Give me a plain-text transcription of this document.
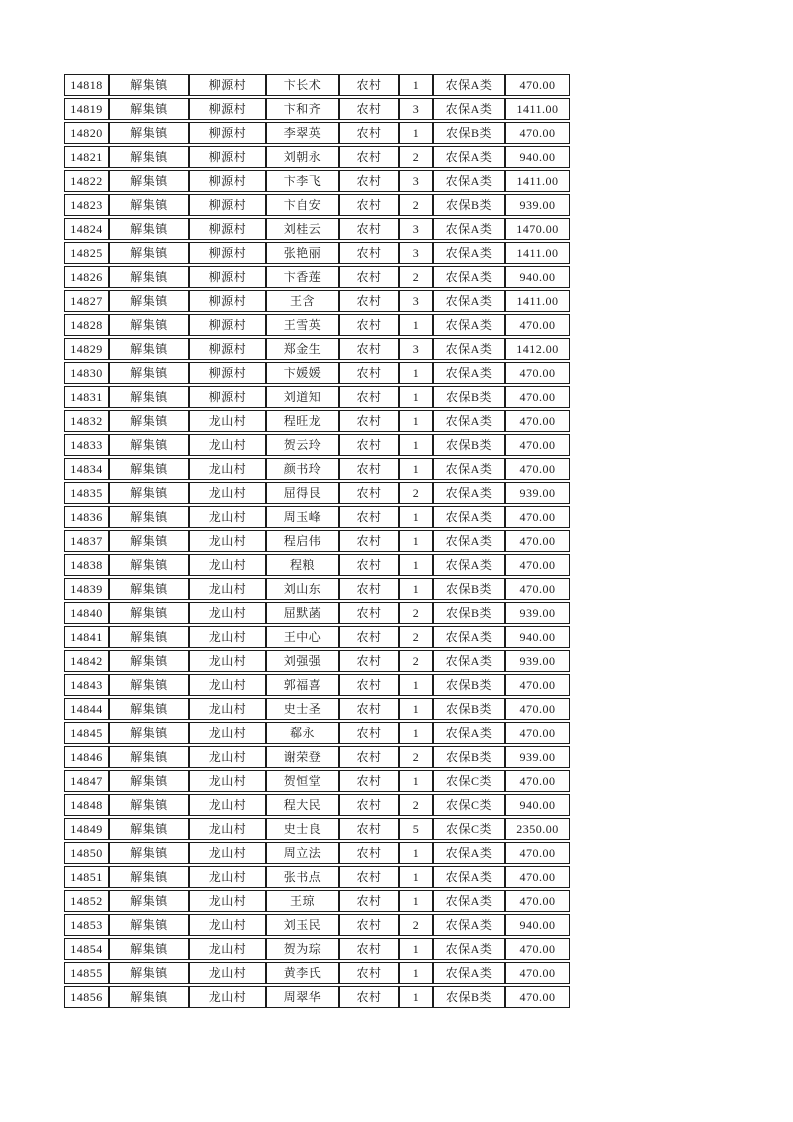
14818	解集镇	柳源村	卞长术	农村	1	农保A类	470.00
14819	解集镇	柳源村	卞和齐	农村	3	农保A类	1411.00
14820	解集镇	柳源村	李翠英	农村	1	农保B类	470.00
14821	解集镇	柳源村	刘朝永	农村	2	农保A类	940.00
14822	解集镇	柳源村	卞李飞	农村	3	农保A类	1411.00
14823	解集镇	柳源村	卞自安	农村	2	农保B类	939.00
14824	解集镇	柳源村	刘桂云	农村	3	农保A类	1470.00
14825	解集镇	柳源村	张艳丽	农村	3	农保A类	1411.00
14826	解集镇	柳源村	卞香莲	农村	2	农保A类	940.00
14827	解集镇	柳源村	王含	农村	3	农保A类	1411.00
14828	解集镇	柳源村	王雪英	农村	1	农保A类	470.00
14829	解集镇	柳源村	郑金生	农村	3	农保A类	1412.00
14830	解集镇	柳源村	卞媛媛	农村	1	农保A类	470.00
14831	解集镇	柳源村	刘道知	农村	1	农保B类	470.00
14832	解集镇	龙山村	程旺龙	农村	1	农保A类	470.00
14833	解集镇	龙山村	贺云玲	农村	1	农保B类	470.00
14834	解集镇	龙山村	颜书玲	农村	1	农保A类	470.00
14835	解集镇	龙山村	屈得艮	农村	2	农保A类	939.00
14836	解集镇	龙山村	周玉峰	农村	1	农保A类	470.00
14837	解集镇	龙山村	程启伟	农村	1	农保A类	470.00
14838	解集镇	龙山村	程粮	农村	1	农保A类	470.00
14839	解集镇	龙山村	刘山东	农村	1	农保B类	470.00
14840	解集镇	龙山村	屈默菡	农村	2	农保B类	939.00
14841	解集镇	龙山村	王中心	农村	2	农保A类	940.00
14842	解集镇	龙山村	刘强强	农村	2	农保A类	939.00
14843	解集镇	龙山村	郭福喜	农村	1	农保B类	470.00
14844	解集镇	龙山村	史士圣	农村	1	农保B类	470.00
14845	解集镇	龙山村	郗永	农村	1	农保A类	470.00
14846	解集镇	龙山村	谢荣登	农村	2	农保B类	939.00
14847	解集镇	龙山村	贺恒堂	农村	1	农保C类	470.00
14848	解集镇	龙山村	程大民	农村	2	农保C类	940.00
14849	解集镇	龙山村	史士良	农村	5	农保C类	2350.00
14850	解集镇	龙山村	周立法	农村	1	农保A类	470.00
14851	解集镇	龙山村	张书点	农村	1	农保A类	470.00
14852	解集镇	龙山村	王琼	农村	1	农保A类	470.00
14853	解集镇	龙山村	刘玉民	农村	2	农保A类	940.00
14854	解集镇	龙山村	贺为琮	农村	1	农保A类	470.00
14855	解集镇	龙山村	黄李氏	农村	1	农保A类	470.00
14856	解集镇	龙山村	周翠华	农村	1	农保B类	470.00
